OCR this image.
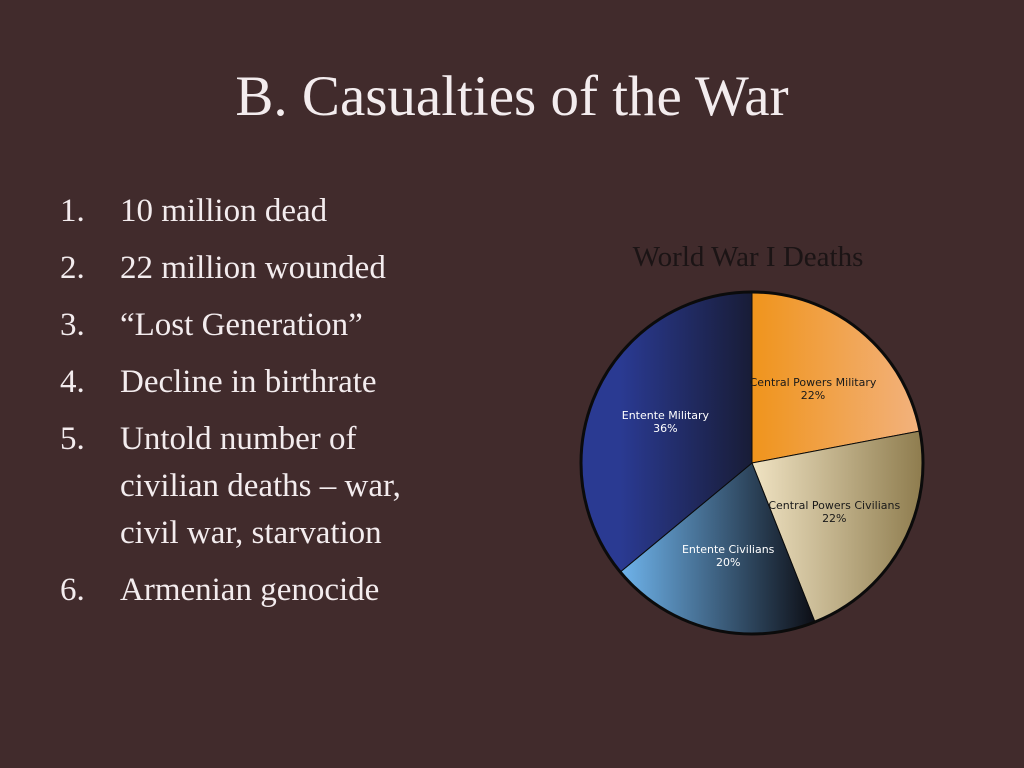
B. Casualties of the War
1. 10 million dead
2. 22 million wounded
3. “Lost Generation”
4. Decline in birthrate
5. Untold number of
civilian deaths – war,
civil war, starvation
6. Armenian genocide
World War I Deaths
Central Powers Military
22%
Central Powers Civilians
22%
Entente Civilians
20%
Entente Military
36%
